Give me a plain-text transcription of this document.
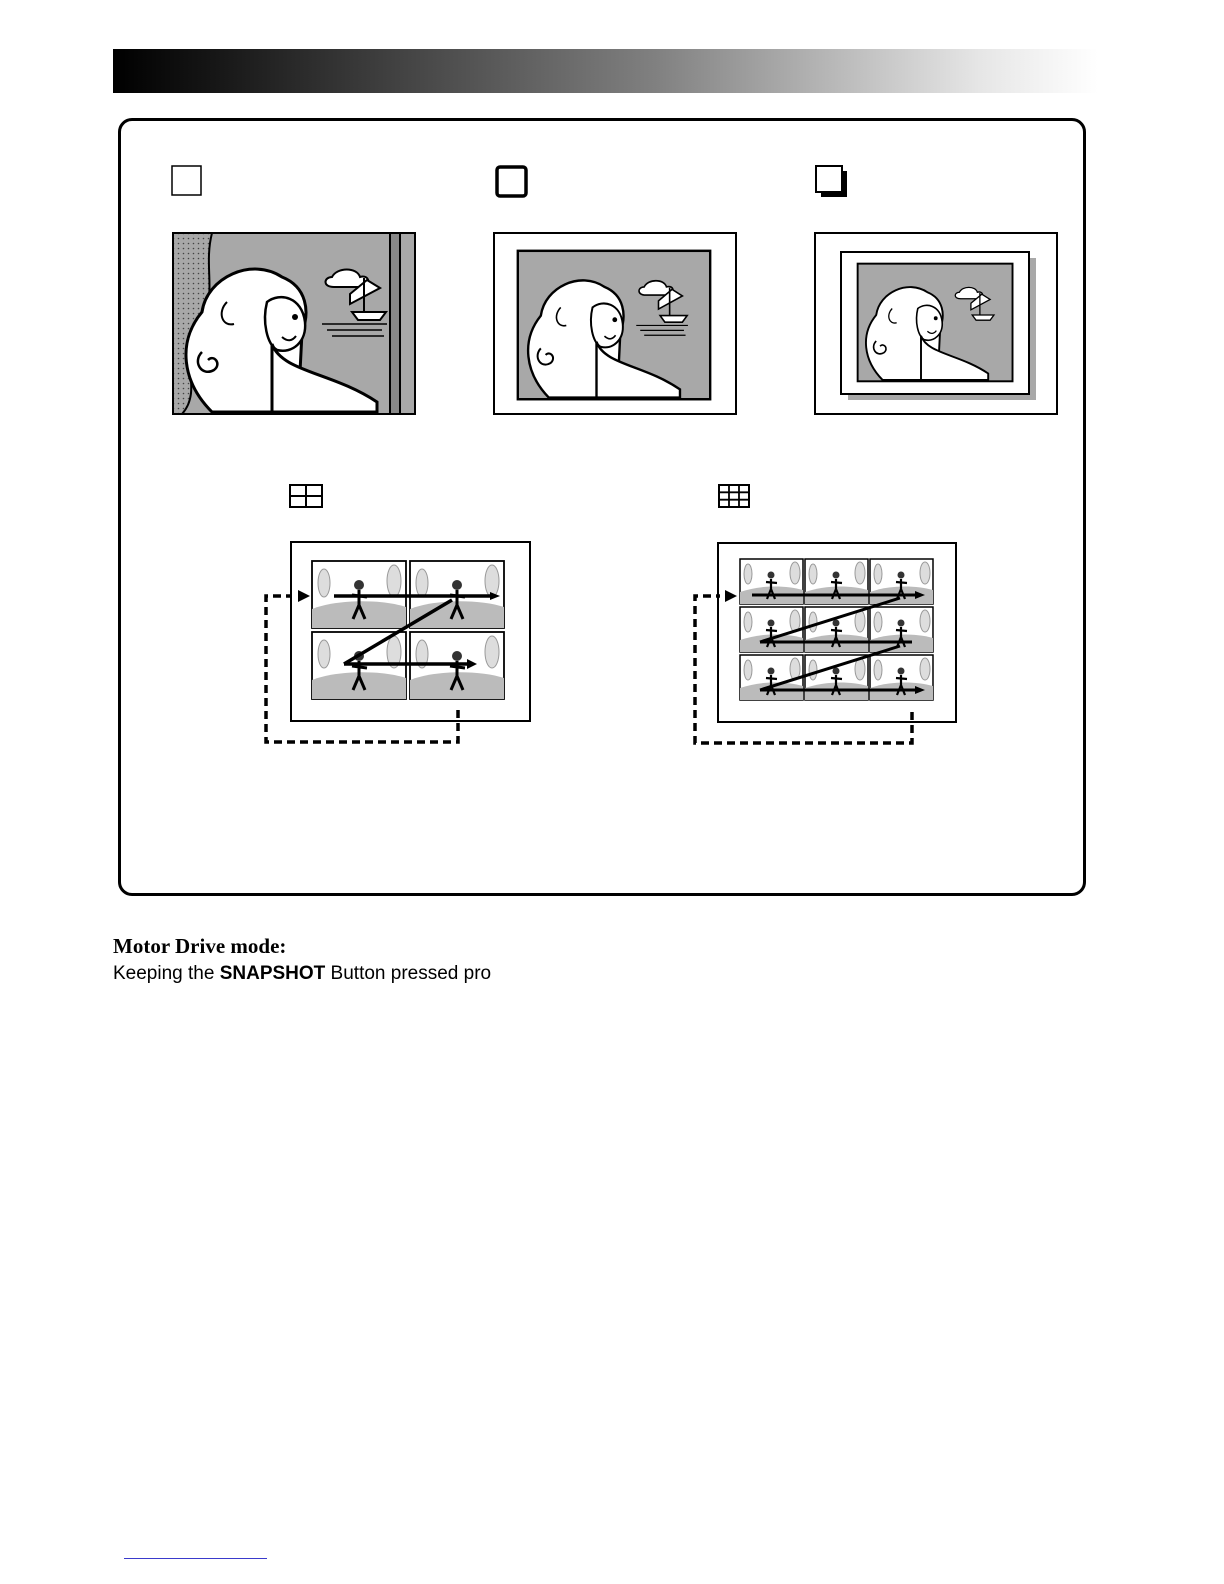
Motor Drive mode:
Keeping the SNAPSHOT Button pressed pro
